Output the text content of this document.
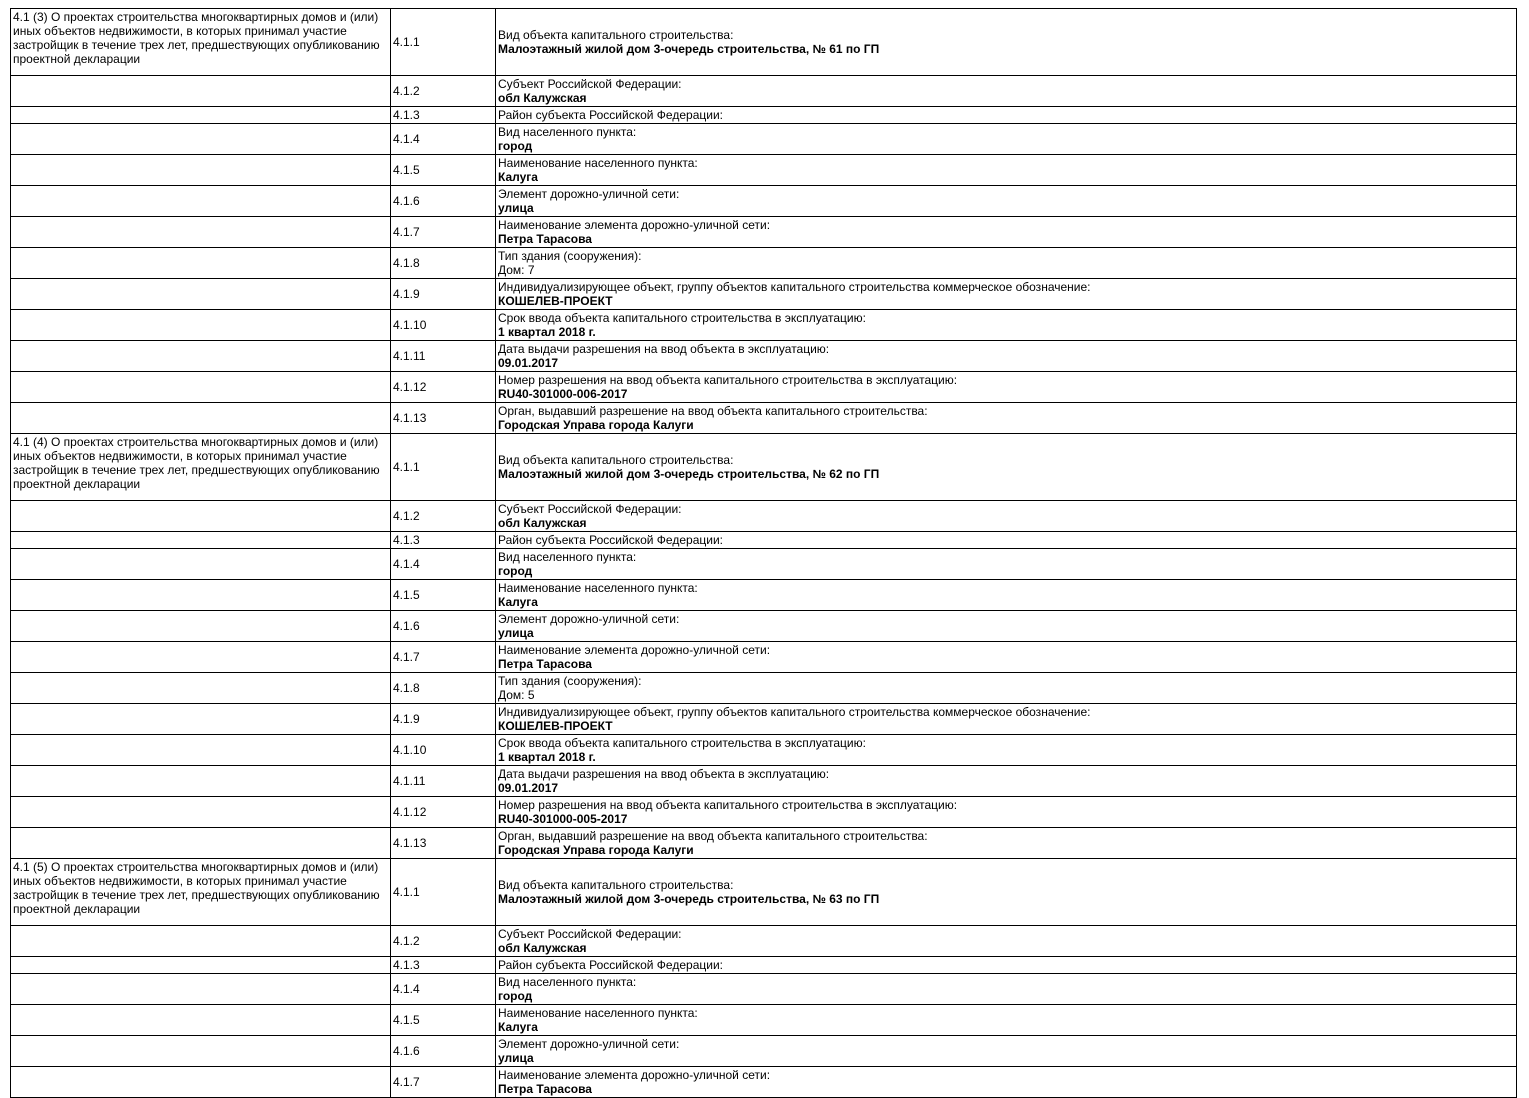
4.1 (3) О проектах строительства многоквартирных домов и (или) иных объектов недвижимости, в которых принимал участие застройщик в течение трех лет, предшествующих опубликованию проектной декларации	4.1.1	Вид объекта капитального строительства:
Малоэтажный жилой дом 3-очередь строительства, № 61 по ГП

	4.1.2	Субъект Российской Федерации:
обл Калужская

	4.1.3	Район субъекта Российской Федерации:

	4.1.4	Вид населенного пункта:
город

	4.1.5	Наименование населенного пункта:
Калуга

	4.1.6	Элемент дорожно-уличной сети:
улица

	4.1.7	Наименование элемента дорожно-уличной сети:
Петра Тарасова

	4.1.8	Тип здания (сооружения):
Дом: 7

	4.1.9	Индивидуализирующее объект, группу объектов капитального строительства коммерческое обозначение:
КОШЕЛЕВ-ПРОЕКТ

	4.1.10	Срок ввода объекта капитального строительства в эксплуатацию:
1 квартал 2018 г.

	4.1.11	Дата выдачи разрешения на ввод объекта в эксплуатацию:
09.01.2017

	4.1.12	Номер разрешения на ввод объекта капитального строительства в эксплуатацию:
RU40-301000-006-2017

	4.1.13	Орган, выдавший разрешение на ввод объекта капитального строительства:
Городская Управа города Калуги

4.1 (4) О проектах строительства многоквартирных домов и (или) иных объектов недвижимости, в которых принимал участие застройщик в течение трех лет, предшествующих опубликованию проектной декларации	4.1.1	Вид объекта капитального строительства:
Малоэтажный жилой дом 3-очередь строительства, № 62 по ГП

	4.1.2	Субъект Российской Федерации:
обл Калужская

	4.1.3	Район субъекта Российской Федерации:

	4.1.4	Вид населенного пункта:
город

	4.1.5	Наименование населенного пункта:
Калуга

	4.1.6	Элемент дорожно-уличной сети:
улица

	4.1.7	Наименование элемента дорожно-уличной сети:
Петра Тарасова

	4.1.8	Тип здания (сооружения):
Дом: 5

	4.1.9	Индивидуализирующее объект, группу объектов капитального строительства коммерческое обозначение:
КОШЕЛЕВ-ПРОЕКТ

	4.1.10	Срок ввода объекта капитального строительства в эксплуатацию:
1 квартал 2018 г.

	4.1.11	Дата выдачи разрешения на ввод объекта в эксплуатацию:
09.01.2017

	4.1.12	Номер разрешения на ввод объекта капитального строительства в эксплуатацию:
RU40-301000-005-2017

	4.1.13	Орган, выдавший разрешение на ввод объекта капитального строительства:
Городская Управа города Калуги

4.1 (5) О проектах строительства многоквартирных домов и (или) иных объектов недвижимости, в которых принимал участие застройщик в течение трех лет, предшествующих опубликованию проектной декларации	4.1.1	Вид объекта капитального строительства:
Малоэтажный жилой дом 3-очередь строительства, № 63 по ГП

	4.1.2	Субъект Российской Федерации:
обл Калужская

	4.1.3	Район субъекта Российской Федерации:

	4.1.4	Вид населенного пункта:
город

	4.1.5	Наименование населенного пункта:
Калуга

	4.1.6	Элемент дорожно-уличной сети:
улица

	4.1.7	Наименование элемента дорожно-уличной сети:
Петра Тарасова
